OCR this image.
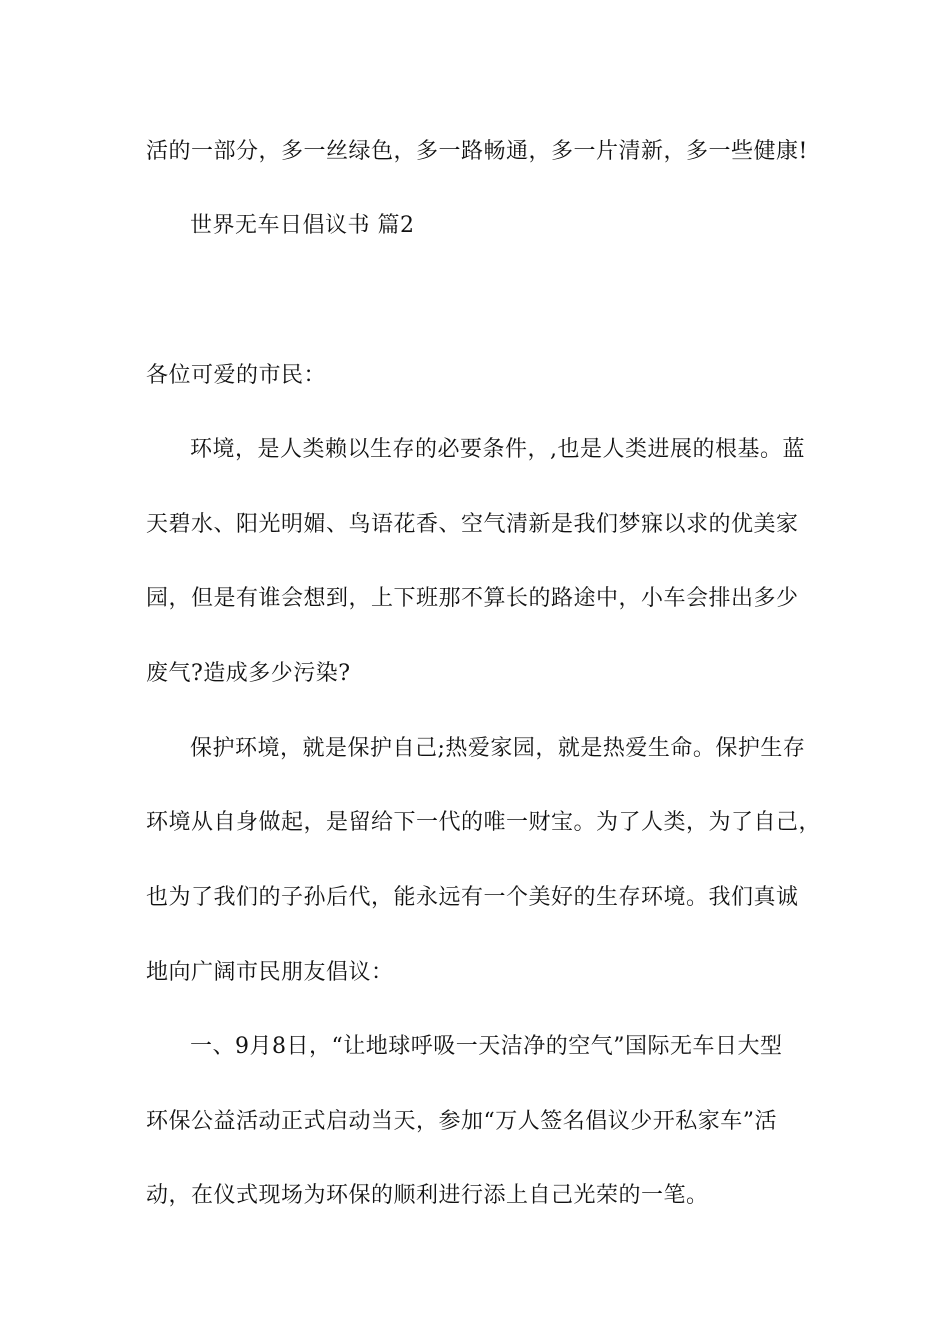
活的一部分，多一丝绿色，多一路畅通，多一片清新，多一些健康!
世界无车日倡议书 篇2
各位可爱的市民：
环境，是人类赖以生存的必要条件，,也是人类进展的根基。蓝
天碧水、阳光明媚、鸟语花香、空气清新是我们梦寐以求的优美家
园，但是有谁会想到，上下班那不算长的路途中，小车会排出多少
废气?造成多少污染?
保护环境，就是保护自己;热爱家园，就是热爱生命。保护生存
环境从自身做起，是留给下一代的唯一财宝。为了人类，为了自己，
也为了我们的子孙后代，能永远有一个美好的生存环境。我们真诚
地向广阔市民朋友倡议：
一、9月8日，“让地球呼吸一天洁净的空气”国际无车日大型
环保公益活动正式启动当天，参加“万人签名倡议少开私家车”活
动，在仪式现场为环保的顺利进行添上自己光荣的一笔。
